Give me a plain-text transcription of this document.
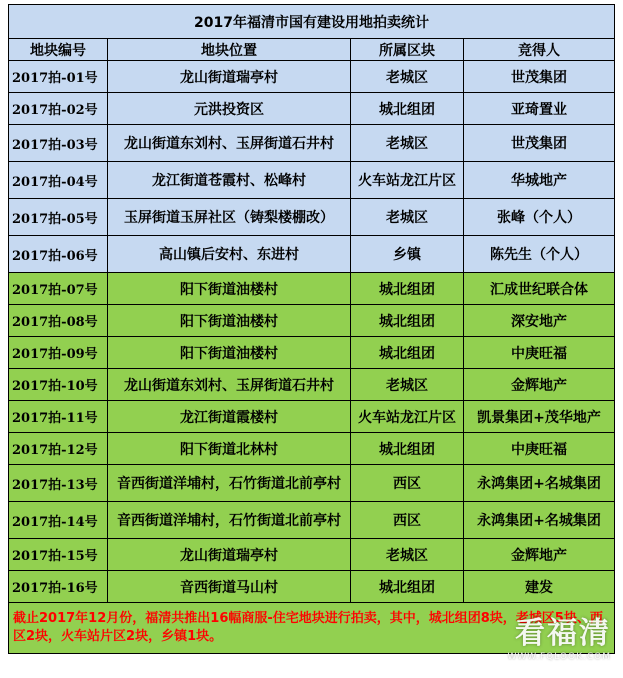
2017年福清市国有建设用地拍卖统计			
地块编号	地块位置	所属区块	竞得人
2017拍-01号	龙山街道瑞亭村	老城区	世茂集团
2017拍-02号	元洪投资区	城北组团	亚琦置业
2017拍-03号	龙山街道东刘村、玉屏街道石井村	老城区	世茂集团
2017拍-04号	龙江街道苍霞村、松峰村	火车站龙江片区	华城地产
2017拍-05号	玉屏街道玉屏社区（铸梨楼棚改）	老城区	张峰（个人）
2017拍-06号	高山镇后安村、东进村	乡镇	陈先生（个人）
2017拍-07号	阳下街道油楼村	城北组团	汇成世纪联合体
2017拍-08号	阳下街道油楼村	城北组团	深安地产
2017拍-09号	阳下街道油楼村	城北组团	中庚旺福
2017拍-10号	龙山街道东刘村、玉屏街道石井村	老城区	金辉地产
2017拍-11号	龙江街道霞楼村	火车站龙江片区	凯景集团+茂华地产
2017拍-12号	阳下街道北林村	城北组团	中庚旺福
2017拍-13号	音西街道洋埔村，石竹街道北前亭村	西区	永鸿集团+名城集团
2017拍-14号	音西街道洋埔村，石竹街道北前亭村	西区	永鸿集团+名城集团
2017拍-15号	龙山街道瑞亭村	老城区	金辉地产
2017拍-16号	音西街道马山村	城北组团	建发
截止2017年12月份，福清共推出16幅商服-住宅地块进行拍卖，其中，城北组团8块，老城区5块、西区2块，火车站片区2块，乡镇1块。				看福清
WWW.FQLOOK.COM
